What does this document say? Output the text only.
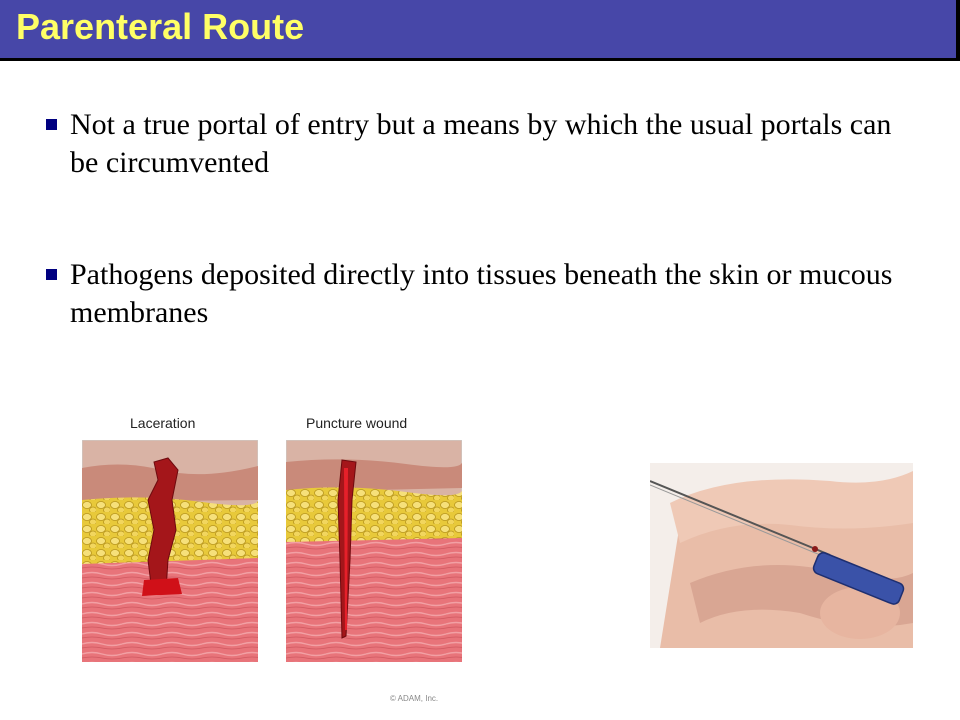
Parenteral Route
Not a true portal of entry but a means by which the usual portals can be circumvented
Pathogens deposited directly into tissues beneath the skin or mucous membranes
Laceration	Puncture wound
© ADAM, Inc.
